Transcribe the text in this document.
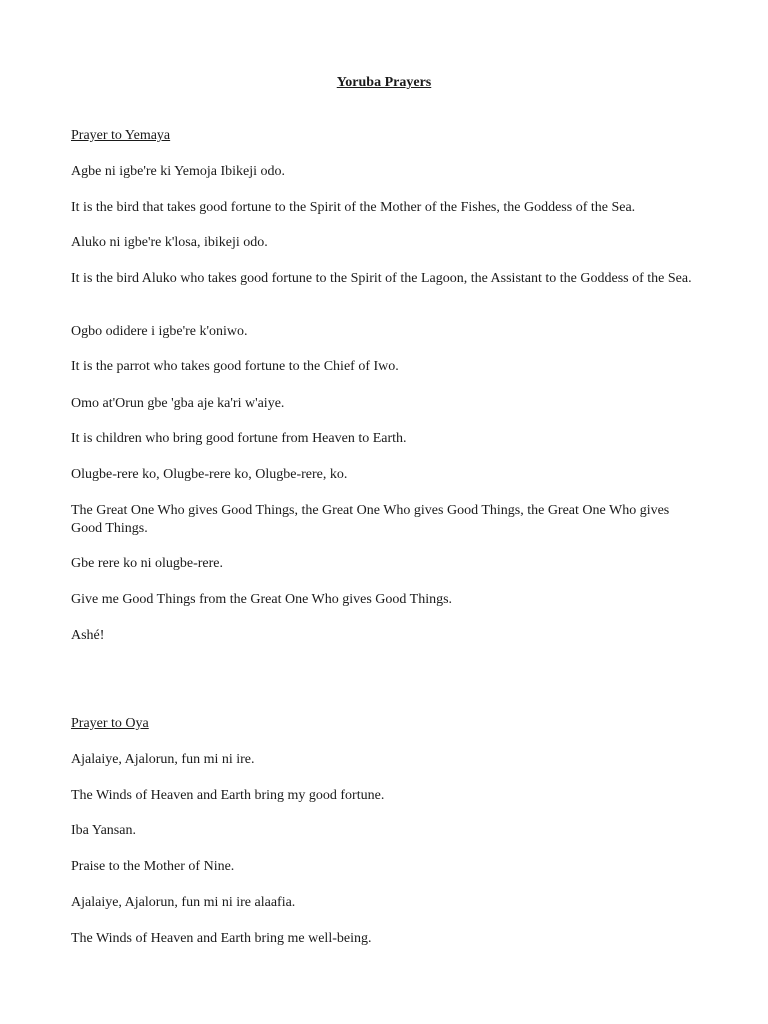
Yoruba Prayers
Prayer to Yemaya
Agbe ni igbe're ki Yemoja Ibikeji odo.
It is the bird that takes good fortune to the Spirit of the Mother of the Fishes, the Goddess of the Sea.
Aluko ni igbe're k'losa, ibikeji odo.
It is the bird Aluko who takes good fortune to the Spirit of the Lagoon, the Assistant to the Goddess of the Sea.
Ogbo odidere i igbe're k'oniwo.
It is the parrot who takes good fortune to the Chief of Iwo.
Omo at'Orun gbe 'gba aje ka'ri w'aiye.
It is children who bring good fortune from Heaven to Earth.
Olugbe-rere ko, Olugbe-rere ko, Olugbe-rere, ko.
The Great One Who gives Good Things, the Great One Who gives Good Things, the Great One Who gives Good Things.
Gbe rere ko ni olugbe-rere.
Give me Good Things from the Great One Who gives Good Things.
Ashé!
Prayer to Oya
Ajalaiye, Ajalorun, fun mi ni ire.
The Winds of Heaven and Earth bring my good fortune.
Iba Yansan.
Praise to the Mother of Nine.
Ajalaiye, Ajalorun, fun mi ni ire alaafia.
The Winds of Heaven and Earth bring me well-being.
